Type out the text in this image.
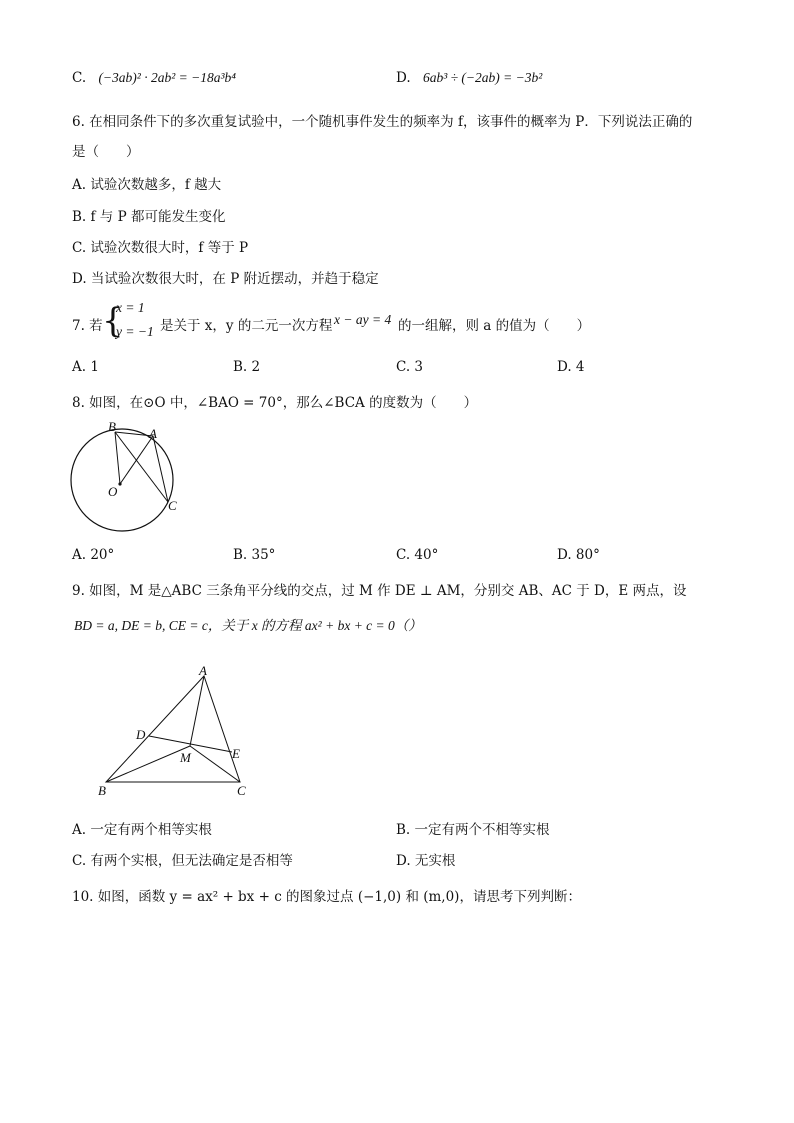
C. (−3ab)² · 2ab² = −18a³b⁴	D. 6ab³ ÷ (−2ab) = −3b²
6. 在相同条件下的多次重复试验中，一个随机事件发生的频率为 f，该事件的概率为 P．下列说法正确的
是（　　）
A. 试验次数越多，f 越大
B. f 与 P 都可能发生变化
C. 试验次数很大时，f 等于 P
D. 当试验次数很大时，在 P 附近摆动，并趋于稳定
7. 若 {
x = 1
y = −1 是关于 x，y 的二元一次方程 x − ay = 4 的一组解，则 a 的值为（　　）
A. 1	B. 2	C. 3	D. 4
8. 如图，在⊙O 中，∠BAO = 70°，那么∠BCA 的度数为（　　）
B	A
O
C
A. 20°	B. 35°	C. 40°	D. 80°
9. 如图，M 是△ABC 三条角平分线的交点，过 M 作 DE ⊥ AM，分别交 AB、AC 于 D，E 两点，设
BD = a, DE = b, CE = c，关于 x 的方程 ax² + bx + c = 0（）
A
D
M	E
B	C
A. 一定有两个相等实根	B. 一定有两个不相等实根
C. 有两个实根，但无法确定是否相等	D. 无实根
10. 如图，函数 y = ax² + bx + c 的图象过点 (−1,0) 和 (m,0)，请思考下列判断：
